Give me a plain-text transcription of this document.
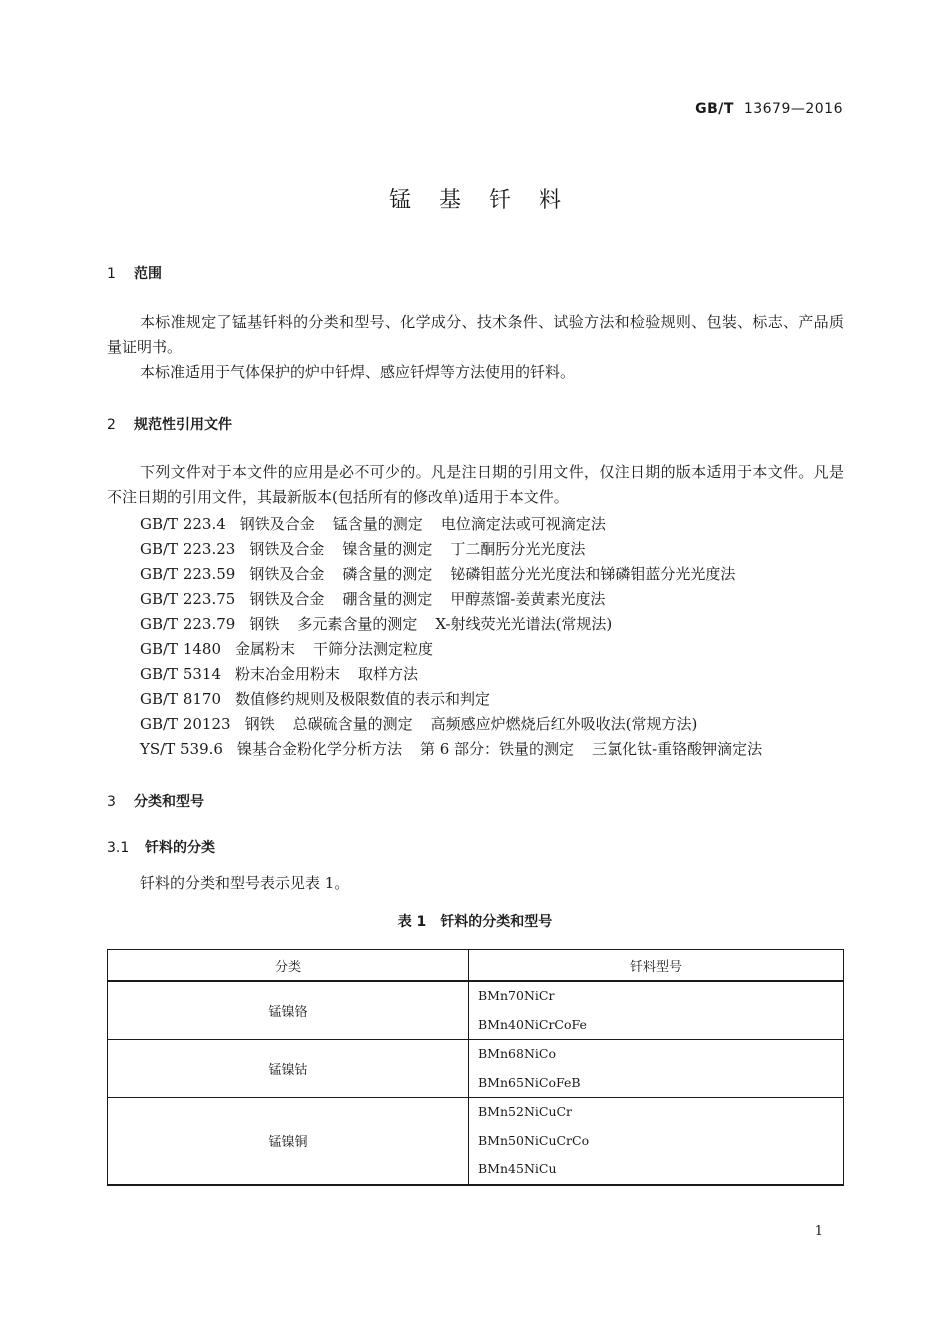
GB/T 13679—2016
锰基钎料
1 范围

本标准规定了锰基钎料的分类和型号、化学成分、技术条件、试验方法和检验规则、包装、标志、产品质量证明书。

本标准适用于气体保护的炉中钎焊、感应钎焊等方法使用的钎料。

2 规范性引用文件

下列文件对于本文件的应用是必不可少的。凡是注日期的引用文件，仅注日期的版本适用于本文件。凡是不注日期的引用文件，其最新版本(包括所有的修改单)适用于本文件。

GB/T 223.4 钢铁及合金 锰含量的测定 电位滴定法或可视滴定法
GB/T 223.23 钢铁及合金 镍含量的测定 丁二酮肟分光光度法
GB/T 223.59 钢铁及合金 磷含量的测定 铋磷钼蓝分光光度法和锑磷钼蓝分光光度法
GB/T 223.75 钢铁及合金 硼含量的测定 甲醇蒸馏-姜黄素光度法
GB/T 223.79 钢铁 多元素含量的测定 X-射线荧光光谱法(常规法)
GB/T 1480 金属粉末 干筛分法测定粒度
GB/T 5314 粉末冶金用粉末 取样方法
GB/T 8170 数值修约规则及极限数值的表示和判定
GB/T 20123 钢铁 总碳硫含量的测定 高频感应炉燃烧后红外吸收法(常规方法)
YS/T 539.6 镍基合金粉化学分析方法 第 6 部分：铁量的测定 三氯化钛-重铬酸钾滴定法
3 分类和型号
3.1 钎料的分类

钎料的分类和型号表示见表 1。

表 1 钎料的分类和型号
分类	钎料型号
锰镍铬	BMn70NiCr
BMn40NiCrCoFe

锰镍钴	BMn68NiCo
BMn65NiCoFeB

锰镍铜	BMn52NiCuCr
BMn50NiCuCrCo
BMn45NiCu
1
